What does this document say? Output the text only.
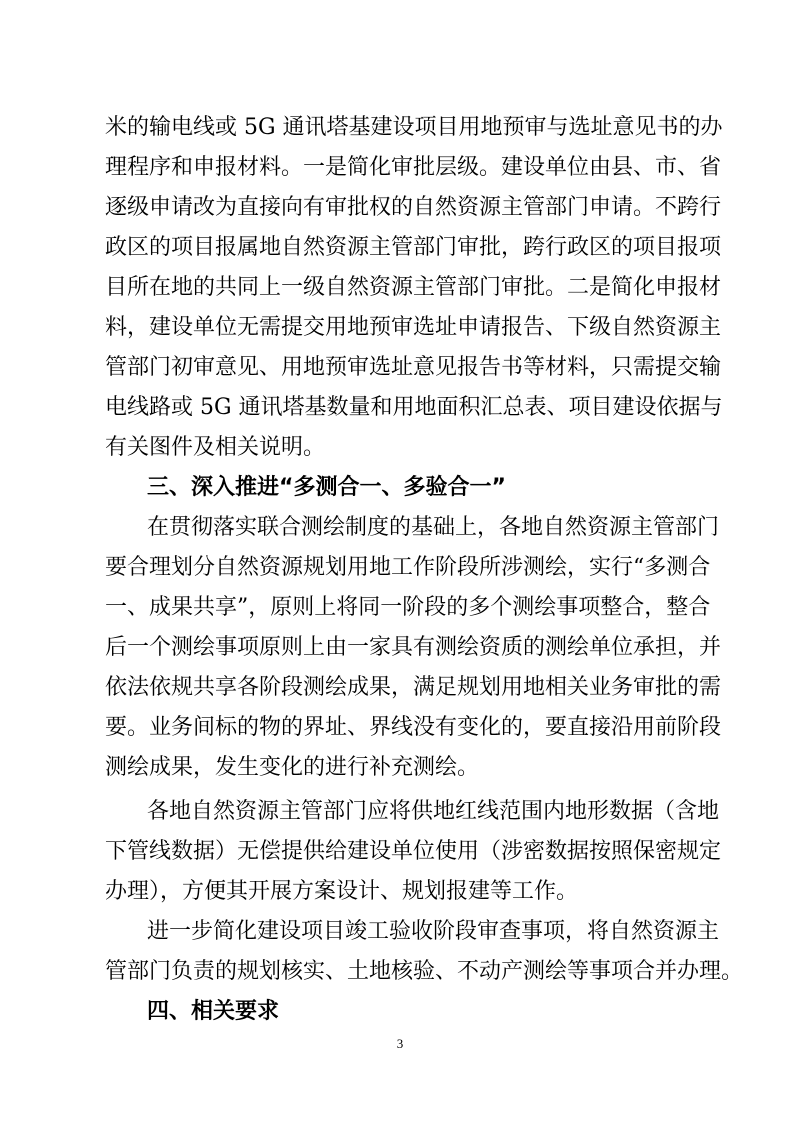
米的输电线或 5G 通讯塔基建设项目用地预审与选址意见书的办
理程序和申报材料。一是简化审批层级。建设单位由县、市、省
逐级申请改为直接向有审批权的自然资源主管部门申请。不跨行
政区的项目报属地自然资源主管部门审批，跨行政区的项目报项
目所在地的共同上一级自然资源主管部门审批。二是简化申报材
料，建设单位无需提交用地预审选址申请报告、下级自然资源主
管部门初审意见、用地预审选址意见报告书等材料，只需提交输
电线路或 5G 通讯塔基数量和用地面积汇总表、项目建设依据与
有关图件及相关说明。
三、深入推进“多测合一、多验合一”
在贯彻落实联合测绘制度的基础上，各地自然资源主管部门
要合理划分自然资源规划用地工作阶段所涉测绘，实行“多测合
一、成果共享”，原则上将同一阶段的多个测绘事项整合，整合
后一个测绘事项原则上由一家具有测绘资质的测绘单位承担，并
依法依规共享各阶段测绘成果，满足规划用地相关业务审批的需
要。业务间标的物的界址、界线没有变化的，要直接沿用前阶段
测绘成果，发生变化的进行补充测绘。
各地自然资源主管部门应将供地红线范围内地形数据（含地
下管线数据）无偿提供给建设单位使用（涉密数据按照保密规定
办理），方便其开展方案设计、规划报建等工作。
进一步简化建设项目竣工验收阶段审查事项，将自然资源主
3
管部门负责的规划核实、土地核验、不动产测绘等事项合并办理。
四、相关要求
